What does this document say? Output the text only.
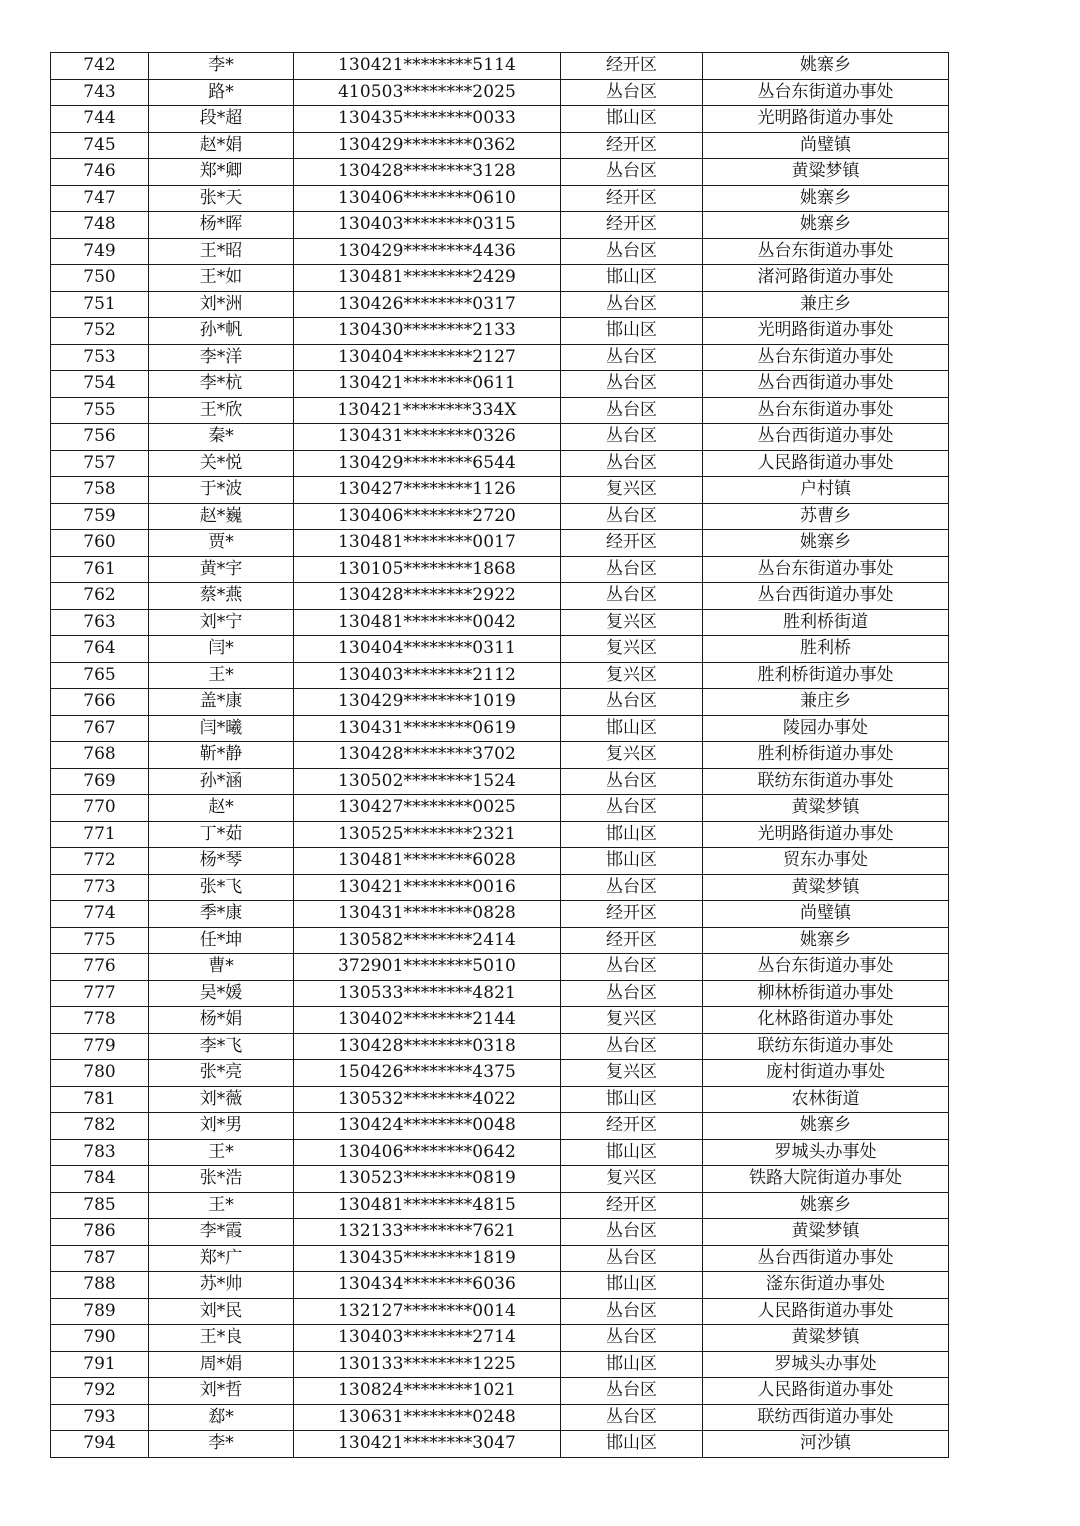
742	李*	130421********5114	经开区	姚寨乡
743	路*	410503********2025	丛台区	丛台东街道办事处
744	段*超	130435********0033	邯山区	光明路街道办事处
745	赵*娟	130429********0362	经开区	尚璧镇
746	郑*卿	130428********3128	丛台区	黄粱梦镇
747	张*天	130406********0610	经开区	姚寨乡
748	杨*晖	130403********0315	经开区	姚寨乡
749	王*昭	130429********4436	丛台区	丛台东街道办事处
750	王*如	130481********2429	邯山区	渚河路街道办事处
751	刘*洲	130426********0317	丛台区	兼庄乡
752	孙*帆	130430********2133	邯山区	光明路街道办事处
753	李*洋	130404********2127	丛台区	丛台东街道办事处
754	李*杭	130421********0611	丛台区	丛台西街道办事处
755	王*欣	130421********334X	丛台区	丛台东街道办事处
756	秦*	130431********0326	丛台区	丛台西街道办事处
757	关*悦	130429********6544	丛台区	人民路街道办事处
758	于*波	130427********1126	复兴区	户村镇
759	赵*巍	130406********2720	丛台区	苏曹乡
760	贾*	130481********0017	经开区	姚寨乡
761	黄*宇	130105********1868	丛台区	丛台东街道办事处
762	蔡*燕	130428********2922	丛台区	丛台西街道办事处
763	刘*宁	130481********0042	复兴区	胜利桥街道
764	闫*	130404********0311	复兴区	胜利桥
765	王*	130403********2112	复兴区	胜利桥街道办事处
766	盖*康	130429********1019	丛台区	兼庄乡
767	闫*曦	130431********0619	邯山区	陵园办事处
768	靳*静	130428********3702	复兴区	胜利桥街道办事处
769	孙*涵	130502********1524	丛台区	联纺东街道办事处
770	赵*	130427********0025	丛台区	黄粱梦镇
771	丁*茹	130525********2321	邯山区	光明路街道办事处
772	杨*琴	130481********6028	邯山区	贸东办事处
773	张*飞	130421********0016	丛台区	黄粱梦镇
774	季*康	130431********0828	经开区	尚璧镇
775	任*坤	130582********2414	经开区	姚寨乡
776	曹*	372901********5010	丛台区	丛台东街道办事处
777	吴*媛	130533********4821	丛台区	柳林桥街道办事处
778	杨*娟	130402********2144	复兴区	化林路街道办事处
779	李*飞	130428********0318	丛台区	联纺东街道办事处
780	张*亮	150426********4375	复兴区	庞村街道办事处
781	刘*薇	130532********4022	邯山区	农林街道
782	刘*男	130424********0048	经开区	姚寨乡
783	王*	130406********0642	邯山区	罗城头办事处
784	张*浩	130523********0819	复兴区	铁路大院街道办事处
785	王*	130481********4815	经开区	姚寨乡
786	李*霞	132133********7621	丛台区	黄粱梦镇
787	郑*广	130435********1819	丛台区	丛台西街道办事处
788	苏*帅	130434********6036	邯山区	滏东街道办事处
789	刘*民	132127********0014	丛台区	人民路街道办事处
790	王*良	130403********2714	丛台区	黄粱梦镇
791	周*娟	130133********1225	邯山区	罗城头办事处
792	刘*哲	130824********1021	丛台区	人民路街道办事处
793	郄*	130631********0248	丛台区	联纺西街道办事处
794	李*	130421********3047	邯山区	河沙镇
